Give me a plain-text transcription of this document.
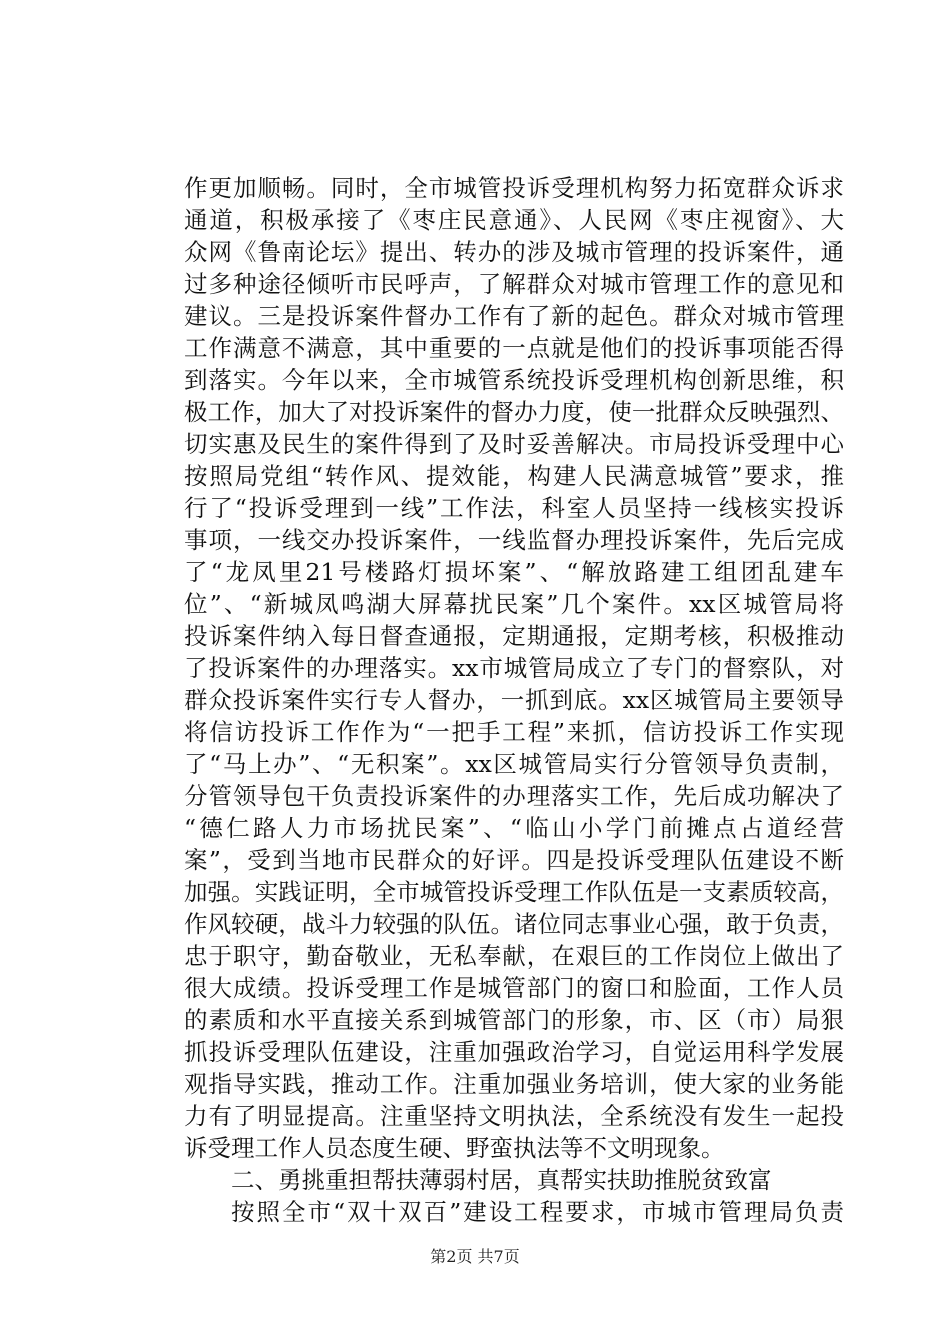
作更加顺畅。同时，全市城管投诉受理机构努力拓宽群众诉求
通道，积极承接了《枣庄民意通》、人民网《枣庄视窗》、大
众网《鲁南论坛》提出、转办的涉及城市管理的投诉案件，通
过多种途径倾听市民呼声，了解群众对城市管理工作的意见和
建议。三是投诉案件督办工作有了新的起色。群众对城市管理
工作满意不满意，其中重要的一点就是他们的投诉事项能否得
到落实。今年以来，全市城管系统投诉受理机构创新思维，积
极工作，加大了对投诉案件的督办力度，使一批群众反映强烈、
切实惠及民生的案件得到了及时妥善解决。市局投诉受理中心
按照局党组“转作风、提效能，构建人民满意城管”要求，推
行了“投诉受理到一线”工作法，科室人员坚持一线核实投诉
事项，一线交办投诉案件，一线监督办理投诉案件，先后完成
了“龙凤里21号楼路灯损坏案”、“解放路建工组团乱建车
位”、“新城凤鸣湖大屏幕扰民案”几个案件。xx区城管局将
投诉案件纳入每日督查通报，定期通报，定期考核，积极推动
了投诉案件的办理落实。xx市城管局成立了专门的督察队，对
群众投诉案件实行专人督办，一抓到底。xx区城管局主要领导
将信访投诉工作作为“一把手工程”来抓，信访投诉工作实现
了“马上办”、“无积案”。xx区城管局实行分管领导负责制，
分管领导包干负责投诉案件的办理落实工作，先后成功解决了
“德仁路人力市场扰民案”、“临山小学门前摊点占道经营
案”，受到当地市民群众的好评。四是投诉受理队伍建设不断
加强。实践证明，全市城管投诉受理工作队伍是一支素质较高，
作风较硬，战斗力较强的队伍。诸位同志事业心强，敢于负责，
忠于职守，勤奋敬业，无私奉献，在艰巨的工作岗位上做出了
很大成绩。投诉受理工作是城管部门的窗口和脸面，工作人员
的素质和水平直接关系到城管部门的形象，市、区（市）局狠
抓投诉受理队伍建设，注重加强政治学习，自觉运用科学发展
观指导实践，推动工作。注重加强业务培训，使大家的业务能
力有了明显提高。注重坚持文明执法，全系统没有发生一起投
诉受理工作人员态度生硬、野蛮执法等不文明现象。
二、勇挑重担帮扶薄弱村居，真帮实扶助推脱贫致富
按照全市“双十双百”建设工程要求，市城市管理局负责
第2页 共7页
